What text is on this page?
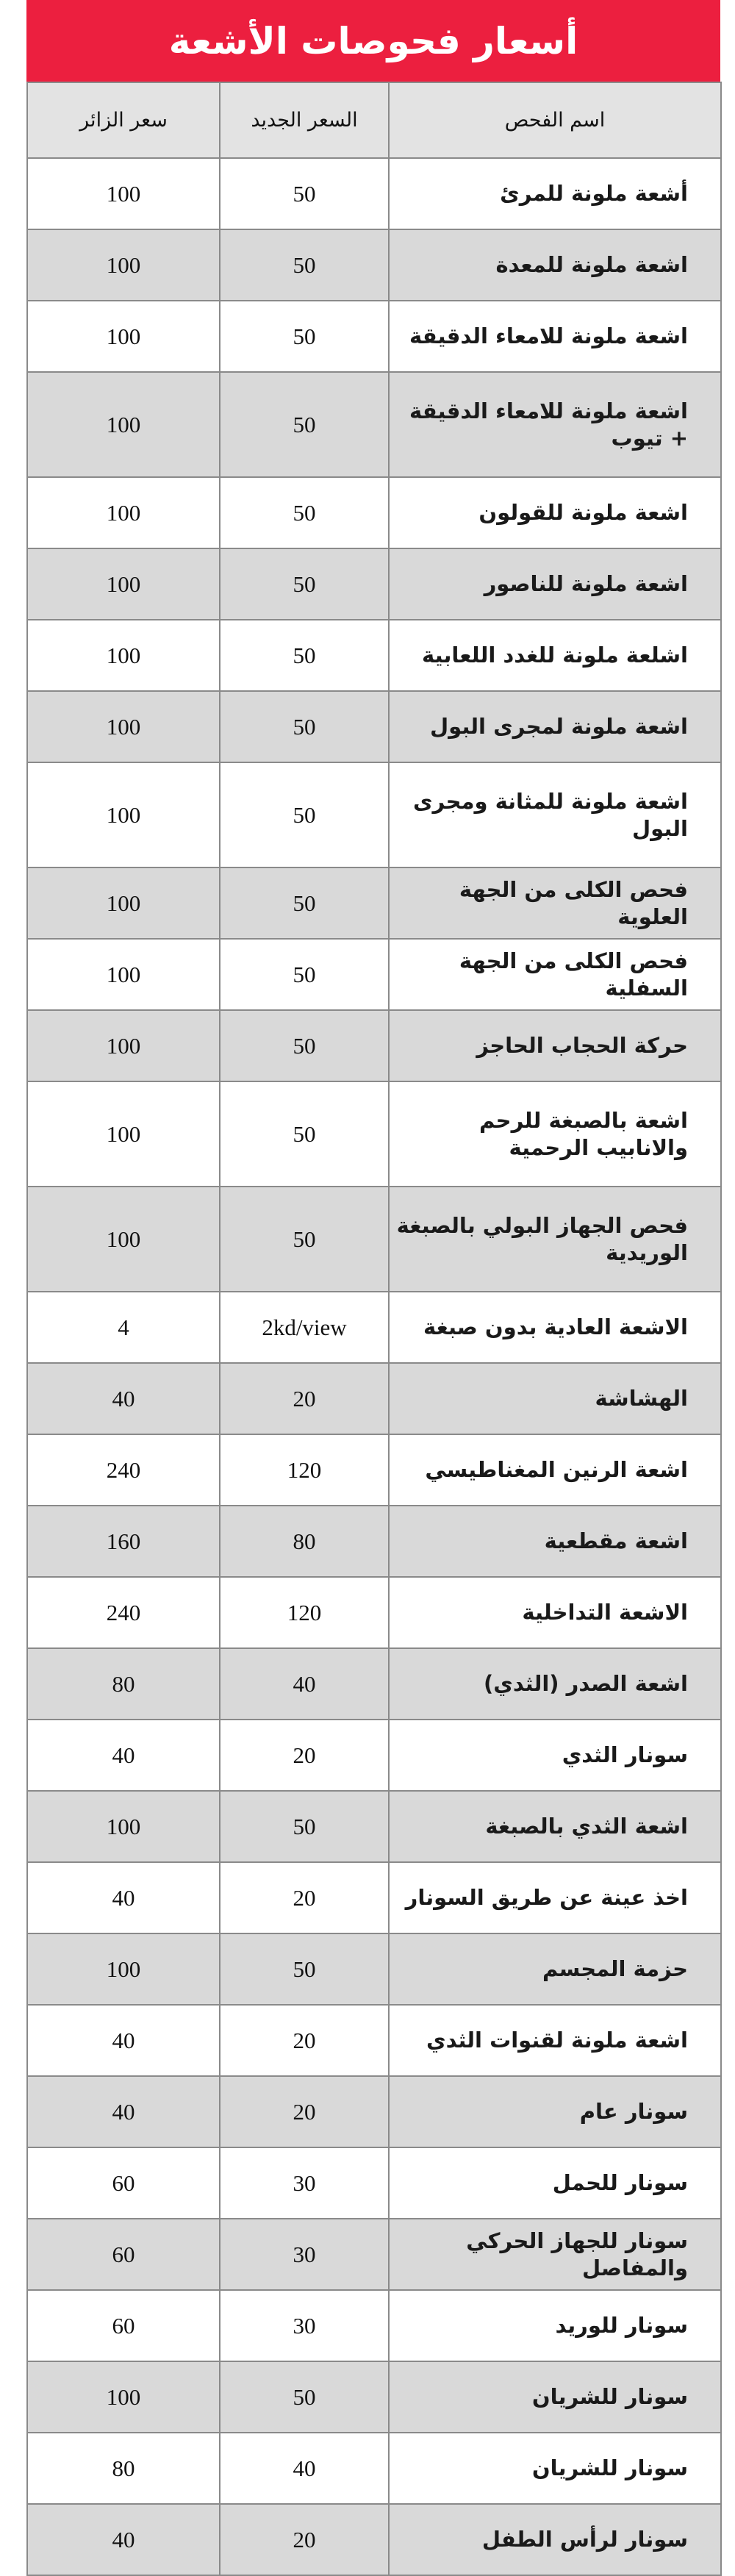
أسعار فحوصات الأشعة
اسم الفحص	السعر الجديد	سعر الزائر
أشعة ملونة للمرئ	50	100
اشعة ملونة للمعدة	50	100
اشعة ملونة للامعاء الدقيقة	50	100
اشعة ملونة للامعاء الدقيقة + تيوب	50	100
اشعة ملونة للقولون	50	100
اشعة ملونة للناصور	50	100
اشلعة ملونة للغدد اللعابية	50	100
اشعة ملونة لمجرى البول	50	100
اشعة ملونة للمثانة ومجرى البول	50	100
فحص الكلى من الجهة العلوية	50	100
فحص الكلى من الجهة السفلية	50	100
حركة الحجاب الحاجز	50	100
اشعة بالصبغة للرحم والانابيب الرحمية	50	100
فحص الجهاز البولي بالصبغة الوريدية	50	100
الاشعة العادية بدون صبغة	2kd/view	4
الهشاشة	20	40
اشعة الرنين المغناطيسي	120	240
اشعة مقطعية	80	160
الاشعة التداخلية	120	240
اشعة الصدر (الثدي)	40	80
سونار الثدي	20	40
اشعة الثدي بالصبغة	50	100
اخذ عينة عن طريق السونار	20	40
حزمة المجسم	50	100
اشعة ملونة لقنوات الثدي	20	40
سونار عام	20	40
سونار للحمل	30	60
سونار للجهاز الحركي والمفاصل	30	60
سونار للوريد	30	60
سونار للشريان	50	100
سونار للشريان	40	80
سونار لرأس الطفل	20	40
